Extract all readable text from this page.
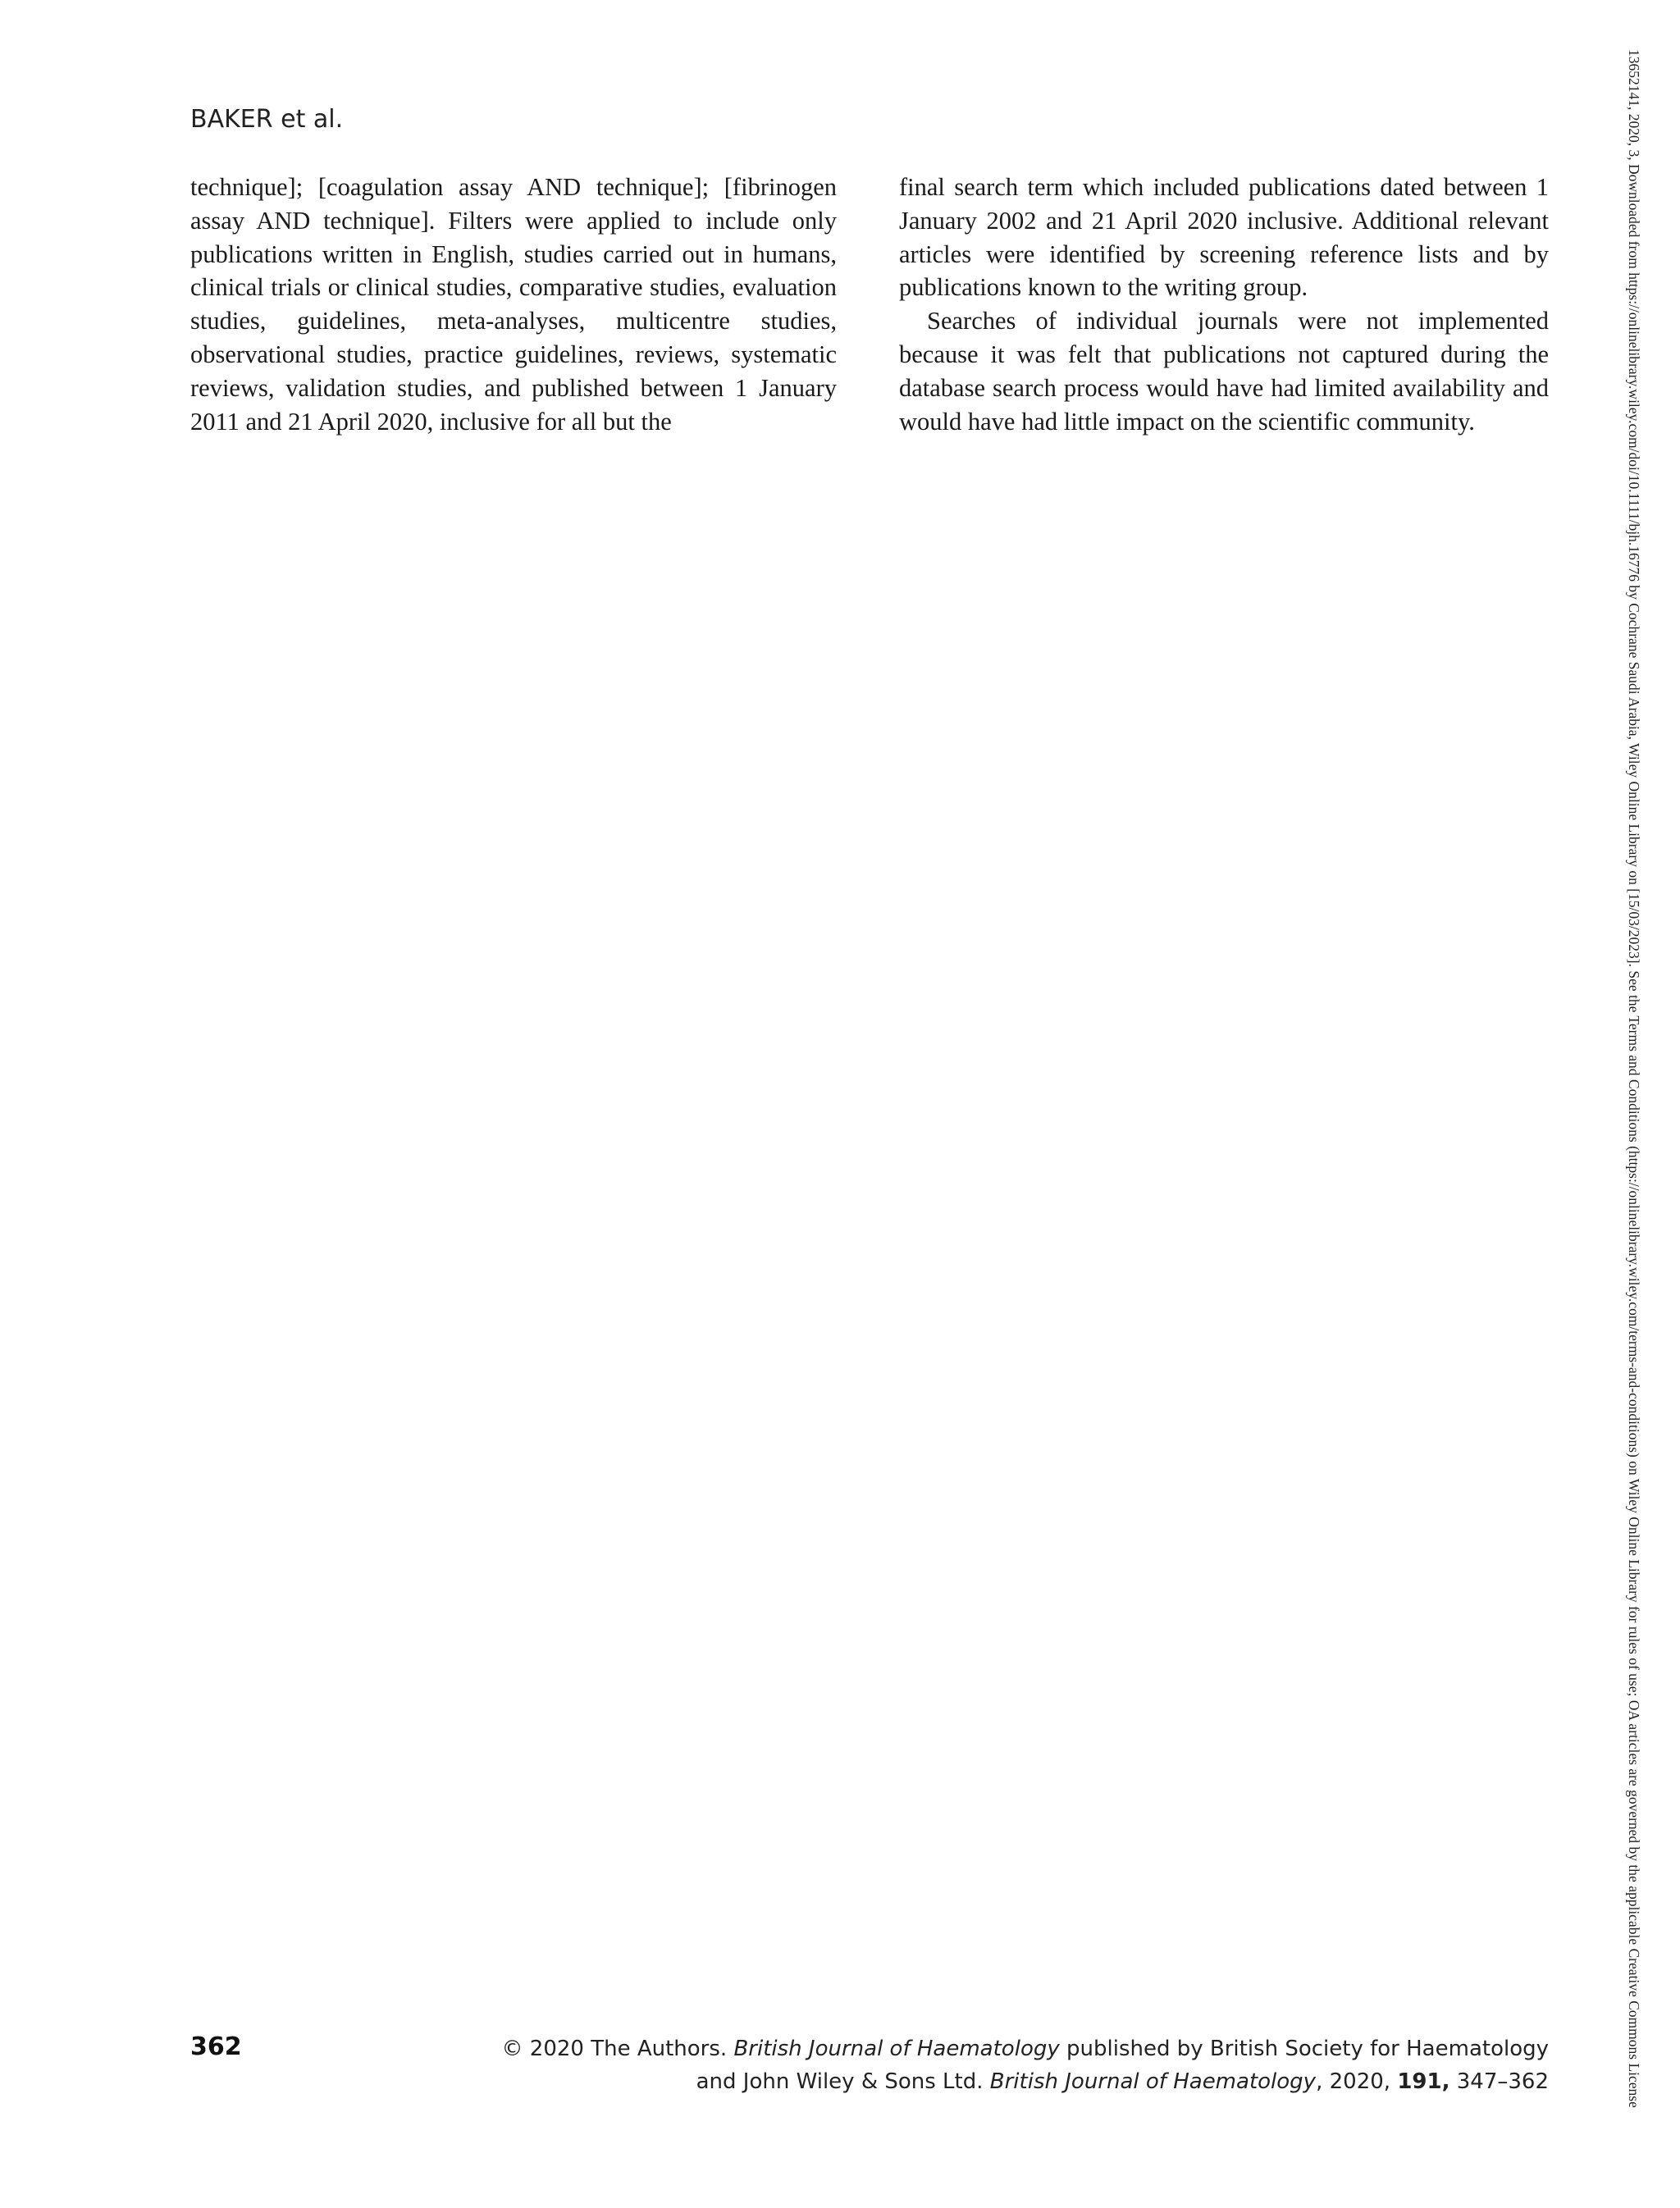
BAKER et al.

technique]; [coagulation assay AND technique]; [fibrinogen assay AND technique]. Filters were applied to include only publications written in English, studies carried out in humans, clinical trials or clinical studies, comparative studies, evaluation studies, guidelines, meta-analyses, multicentre studies, observational studies, practice guidelines, reviews, systematic reviews, validation studies, and published between 1 January 2011 and 21 April 2020, inclusive for all but the

final search term which included publications dated between 1 January 2002 and 21 April 2020 inclusive. Additional relevant articles were identified by screening reference lists and by publications known to the writing group.

Searches of individual journals were not implemented because it was felt that publications not captured during the database search process would have had limited availability and would have had little impact on the scientific community.

362	© 2020 The Authors. British Journal of Haematology published by British Society for Haematology
and John Wiley & Sons Ltd. British Journal of Haematology, 2020, 191, 347–362	13652141, 2020, 3, Downloaded from https://onlinelibrary.wiley.com/doi/10.1111/bjh.16776 by Cochrane Saudi Arabia, Wiley Online Library on [15/03/2023]. See the Terms and Conditions (https://onlinelibrary.wiley.com/terms-and-conditions) on Wiley Online Library for rules of use; OA articles are governed by the applicable Creative Commons License
